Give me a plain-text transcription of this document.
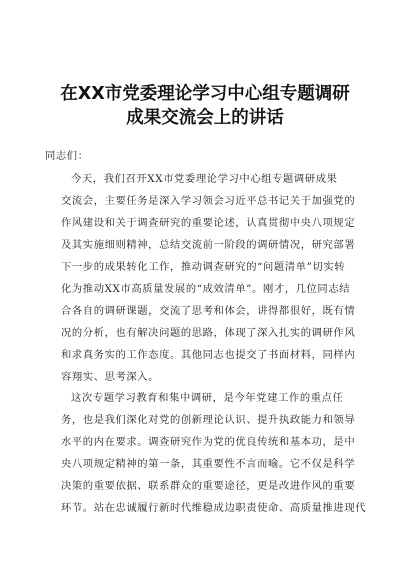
在XX市党委理论学习中心组专题调研
成果交流会上的讲话
同志们：
今天，我们召开XX市党委理论学习中心组专题调研成果
交流会，主要任务是深入学习领会习近平总书记关于加强党的
作风建设和关于调查研究的重要论述，认真贯彻中央八项规定
及其实施细则精神，总结交流前一阶段的调研情况，研究部署
下一步的成果转化工作，推动调查研究的“问题清单”切实转
化为推动XX市高质量发展的“成效清单”。刚才，几位同志结
合各自的调研课题，交流了思考和体会，讲得都很好，既有情
况的分析，也有解决问题的思路，体现了深入扎实的调研作风
和求真务实的工作态度。其他同志也提交了书面材料，同样内
容翔实、思考深入。
这次专题学习教育和集中调研，是今年党建工作的重点任
务，也是我们深化对党的创新理论认识、提升执政能力和领导
水平的内在要求。调查研究作为党的优良传统和基本功，是中
央八项规定精神的第一条，其重要性不言而喻。它不仅是科学
决策的重要依据、联系群众的重要途径，更是改进作风的重要
环节。站在忠诚履行新时代维稳成边职责使命、高质量推进现代
